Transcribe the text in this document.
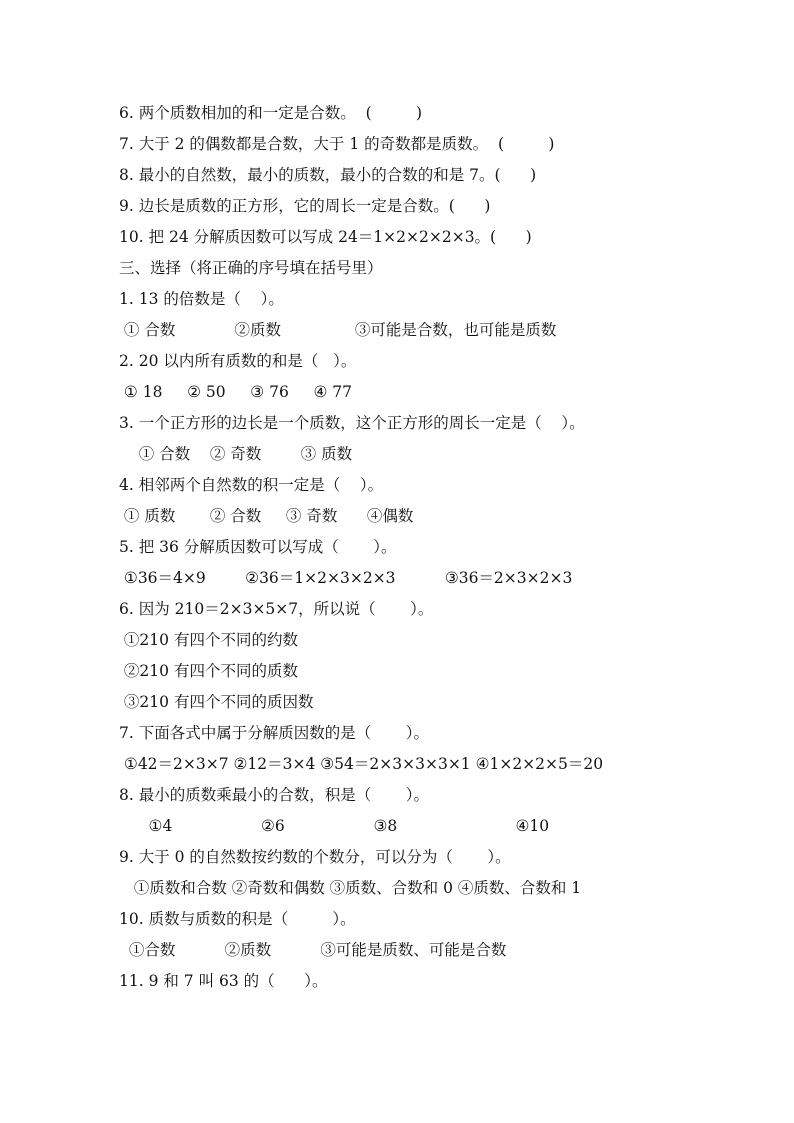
6. 两个质数相加的和一定是合数。  (         )
7. 大于 2 的偶数都是合数，大于 1 的奇数都是质数。  (         )
8. 最小的自然数，最小的质数，最小的合数的和是 7。(      )
9. 边长是质数的正方形，它的周长一定是合数。(      )
10. 把 24 分解质因数可以写成 24＝1×2×2×2×3。(      )
三、选择（将正确的序号填在括号里）
1. 13 的倍数是（    ）。
① 合数            ②质数               ③可能是合数，也可能是质数
2. 20 以内所有质数的和是（   ）。
① 18     ② 50     ③ 76     ④ 77
3. 一个正方形的边长是一个质数，这个正方形的周长一定是（    ）。
① 合数    ② 奇数        ③ 质数
4. 相邻两个自然数的积一定是（    ）。
① 质数       ② 合数     ③ 奇数      ④偶数
5. 把 36 分解质因数可以写成（       ）。
①36＝4×9        ②36＝1×2×3×2×3          ③36＝2×3×2×3
6. 因为 210＝2×3×5×7，所以说（       ）。
①210 有四个不同的约数
②210 有四个不同的质数
③210 有四个不同的质因数
7. 下面各式中属于分解质因数的是（       ）。
①42＝2×3×7 ②12＝3×4 ③54＝2×3×3×3×1 ④1×2×2×5＝20
8. 最小的质数乘最小的合数，积是（       ）。
①4                  ②6                  ③8                        ④10
9. 大于 0 的自然数按约数的个数分，可以分为（       ）。
①质数和合数 ②奇数和偶数 ③质数、合数和 0 ④质数、合数和 1
10. 质数与质数的积是（         ）。
①合数          ②质数          ③可能是质数、可能是合数
11. 9 和 7 叫 63 的（      ）。
